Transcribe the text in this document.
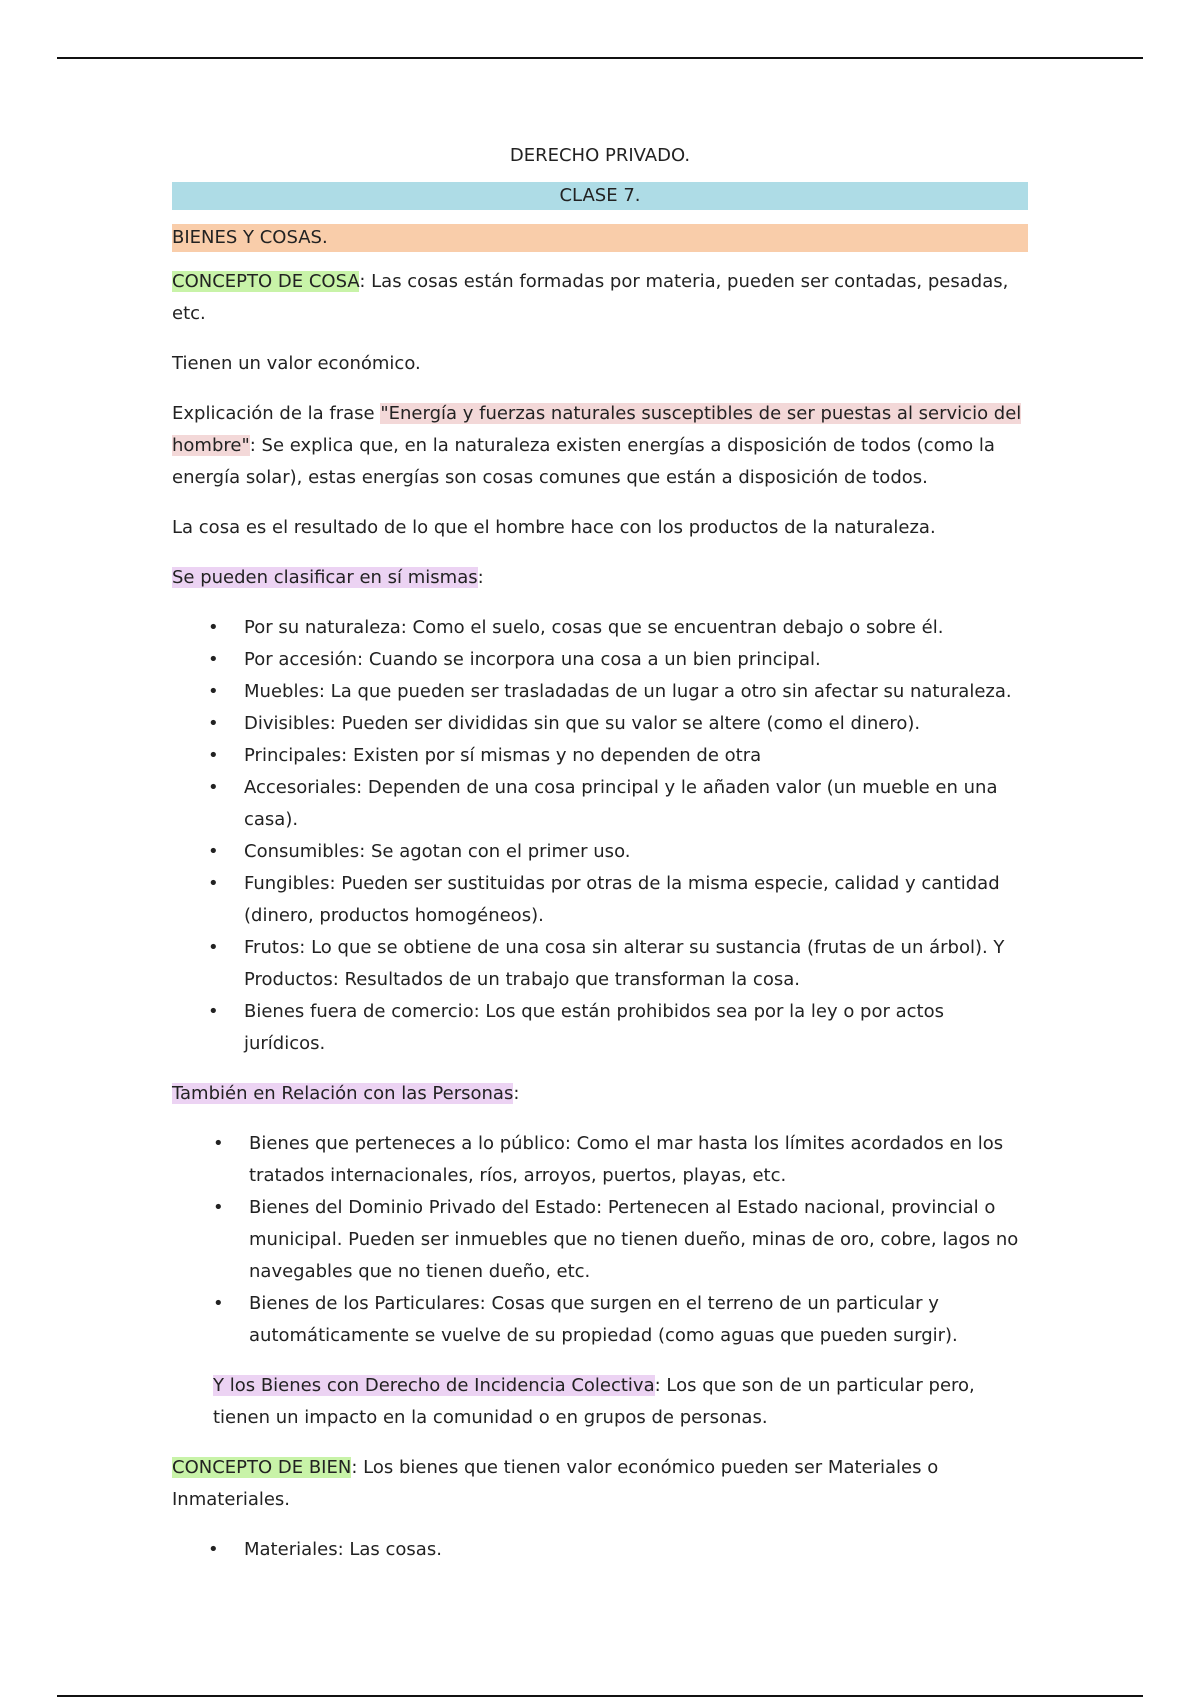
DERECHO PRIVADO.
CLASE 7.
BIENES Y COSAS.

CONCEPTO DE COSA: Las cosas están formadas por materia, pueden ser contadas, pesadas, etc.

Tienen un valor económico.

Explicación de la frase "Energía y fuerzas naturales susceptibles de ser puestas al servicio del hombre": Se explica que, en la naturaleza existen energías a disposición de todos (como la energía solar), estas energías son cosas comunes que están a disposición de todos.

La cosa es el resultado de lo que el hombre hace con los productos de la naturaleza.

Se pueden clasificar en sí mismas:

• Por su naturaleza: Como el suelo, cosas que se encuentran debajo o sobre él.
• Por accesión: Cuando se incorpora una cosa a un bien principal.
• Muebles: La que pueden ser trasladadas de un lugar a otro sin afectar su naturaleza.
• Divisibles: Pueden ser divididas sin que su valor se altere (como el dinero).
• Principales: Existen por sí mismas y no dependen de otra
• Accesoriales: Dependen de una cosa principal y le añaden valor (un mueble en una casa).
• Consumibles: Se agotan con el primer uso.
• Fungibles: Pueden ser sustituidas por otras de la misma especie, calidad y cantidad (dinero, productos homogéneos).
• Frutos: Lo que se obtiene de una cosa sin alterar su sustancia (frutas de un árbol). Y Productos: Resultados de un trabajo que transforman la cosa.
• Bienes fuera de comercio: Los que están prohibidos sea por la ley o por actos jurídicos.

También en Relación con las Personas:

• Bienes que perteneces a lo público: Como el mar hasta los límites acordados en los tratados internacionales, ríos, arroyos, puertos, playas, etc.
• Bienes del Dominio Privado del Estado: Pertenecen al Estado nacional, provincial o municipal. Pueden ser inmuebles que no tienen dueño, minas de oro, cobre, lagos no navegables que no tienen dueño, etc.
• Bienes de los Particulares: Cosas que surgen en el terreno de un particular y automáticamente se vuelve de su propiedad (como aguas que pueden surgir).

Y los Bienes con Derecho de Incidencia Colectiva: Los que son de un particular pero, tienen un impacto en la comunidad o en grupos de personas.

CONCEPTO DE BIEN: Los bienes que tienen valor económico pueden ser Materiales o Inmateriales.

• Materiales: Las cosas.
